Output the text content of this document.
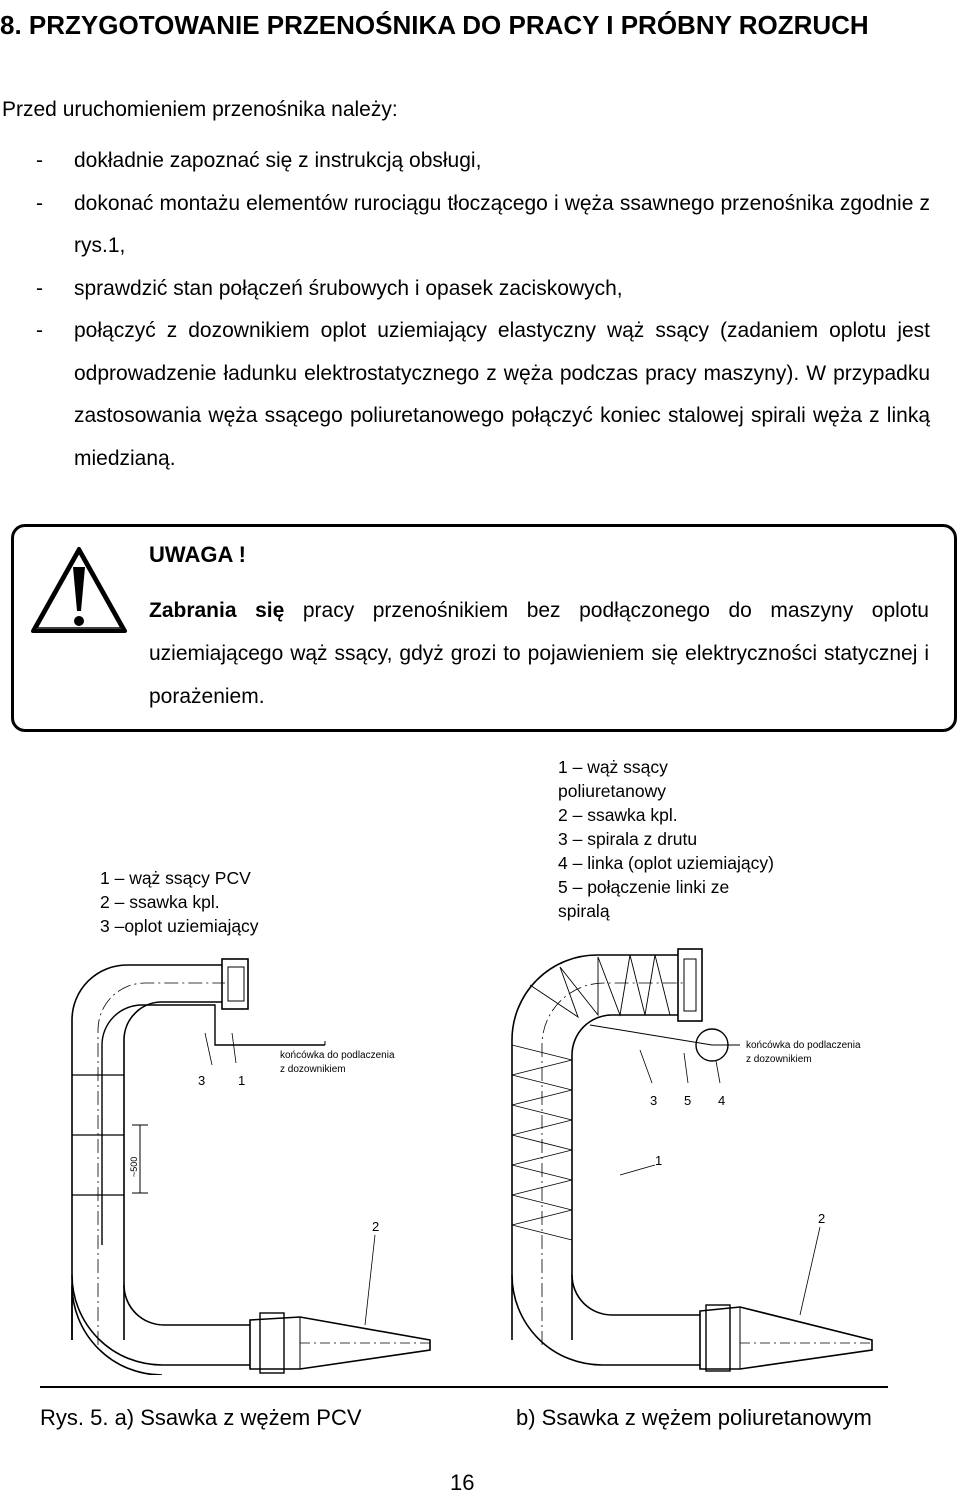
8. PRZYGOTOWANIE PRZENOŚNIKA DO PRACY I PRÓBNY ROZRUCH
Przed uruchomieniem przenośnika należy:
- dokładnie zapoznać się z instrukcją obsługi,
- dokonać montażu elementów rurociągu tłoczącego i węża ssawnego przenośnika zgodnie z rys.1,
- sprawdzić stan połączeń śrubowych i opasek zaciskowych,
- połączyć z dozownikiem oplot uziemiający elastyczny wąż ssący (zadaniem oplotu jest odprowadzenie ładunku elektrostatycznego z węża podczas pracy maszyny). W przypadku zastosowania węża ssącego poliuretanowego połączyć koniec stalowej spirali węża z linką miedzianą.
UWAGA !
Zabrania się pracy przenośnikiem bez podłączonego do maszyny oplotu uziemiającego wąż ssący, gdyż grozi to pojawieniem się elektryczności statycznej i porażeniem.
1 – wąż ssący PCV
2 – ssawka kpl.
3 –oplot uziemiający
1 – wąż ssący
poliuretanowy
2 – ssawka kpl.
3 – spirala z drutu
4 – linka (oplot uziemiający)
5 – połączenie linki ze
spiralą
3	1
2
~500
końcówka do podlaczenia
z dozownikiem
3 5 4
1
2
końcówka do podlaczenia
z dozownikiem
Rys. 5. a) Ssawka z wężem PCV	b) Ssawka z wężem poliuretanowym
16
